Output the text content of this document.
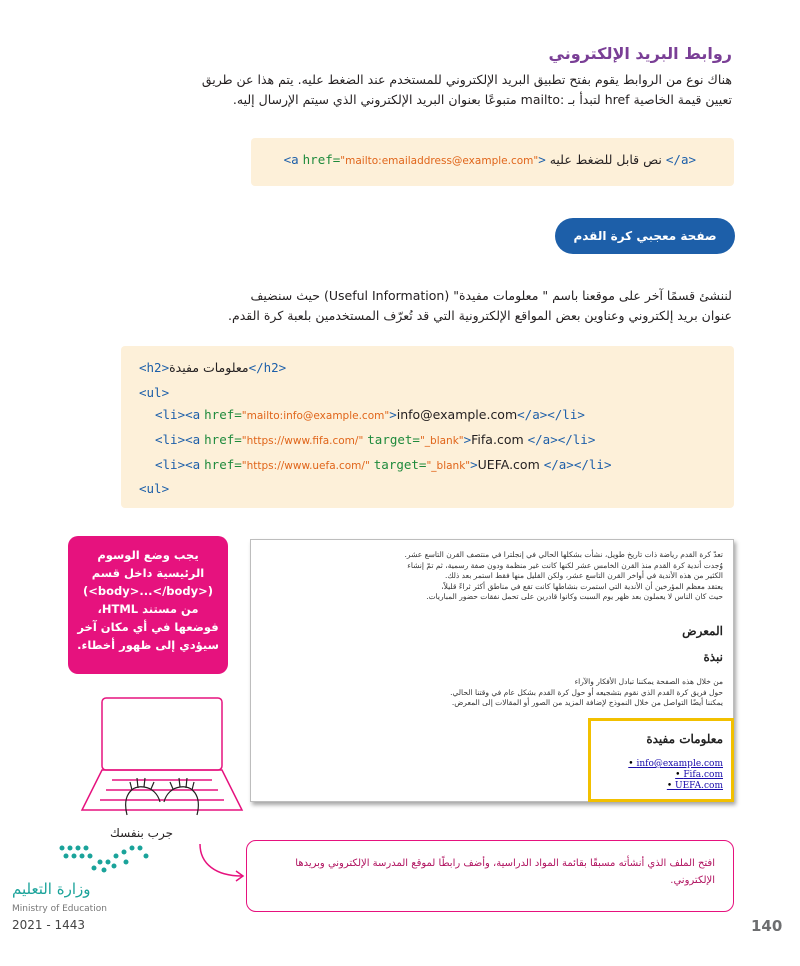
روابط البريد الإلكتروني
هناك نوع من الروابط يقوم بفتح تطبيق البريد الإلكتروني للمستخدم عند الضغط عليه. يتم هذا عن طريق
تعيين قيمة الخاصية href لتبدأ بـ :mailto متبوعًا بعنوان البريد الإلكتروني الذي سيتم الإرسال إليه.
<a href="mailto:emailaddress@example.com"> نص قابل للضغط عليه </a>
صفحة معجبي كرة القدم
لننشئ قسمًا آخر على موقعنا باسم " معلومات مفيدة" (Useful Information) حيث سنضيف
عنوان بريد إلكتروني وعناوين بعض المواقع الإلكترونية التي قد تُعرّف المستخدمين بلعبة كرة القدم.
<h2>معلومات مفيدة</h2>
<ul>
<li><a href="mailto:info@example.com">info@example.com</a></li>
<li><a href="https://www.fifa.com/" target="_blank">Fifa.com </a></li>
<li><a href="https://www.uefa.com/" target="_blank">UEFA.com </a></li>
<ul>
يجب وضع الوسوم
الرئيسية داخل قسم
(<body>...</body>)
من مستند HTML،
فوضعها في أي مكان آخر
سيؤدي إلى ظهور أخطاء.
تعدّ كرة القدم رياضة ذات تاريخ طويل، نشأت بشكلها الحالي في إنجلترا في منتصف القرن التاسع عشر.
وُجدت أندية كرة القدم منذ القرن الخامس عشر لكنها كانت غير منظمة ودون صفة رسمية، ثم تمّ إنشاء
الكثير من هذه الأندية في أواخر القرن التاسع عشر، ولكن القليل منها فقط استمر بعد ذلك.
يعتقد معظم المؤرخين أن الأندية التي استمرت بنشاطها كانت تقع في مناطق أكثر ثراءً قليلاً،
حيث كان الناس لا يعملون بعد ظهر يوم السبت وكانوا قادرين على تحمل نفقات حضور المباريات.
المعرض
نبذة
من خلال هذه الصفحة يمكننا تبادل الأفكار والآراء
حول فريق كرة القدم الذي نقوم بتشجيعه أو حول كرة القدم بشكل عام في وقتنا الحالي.
يمكننا أيضًا التواصل من خلال النموذج لإضافة المزيد من الصور أو المقالات إلى المعرض.
معلومات مفيدة
info@example.com •
Fifa.com •
UEFA.com •
جرب بنفسك
افتح الملف الذي أنشأته مسبقًا بقائمة المواد الدراسية، وأضف رابطًا لموقع المدرسة الإلكتروني وبريدها الإلكتروني.
وزارة التعليم
Ministry of Education
2021 - 1443	140
